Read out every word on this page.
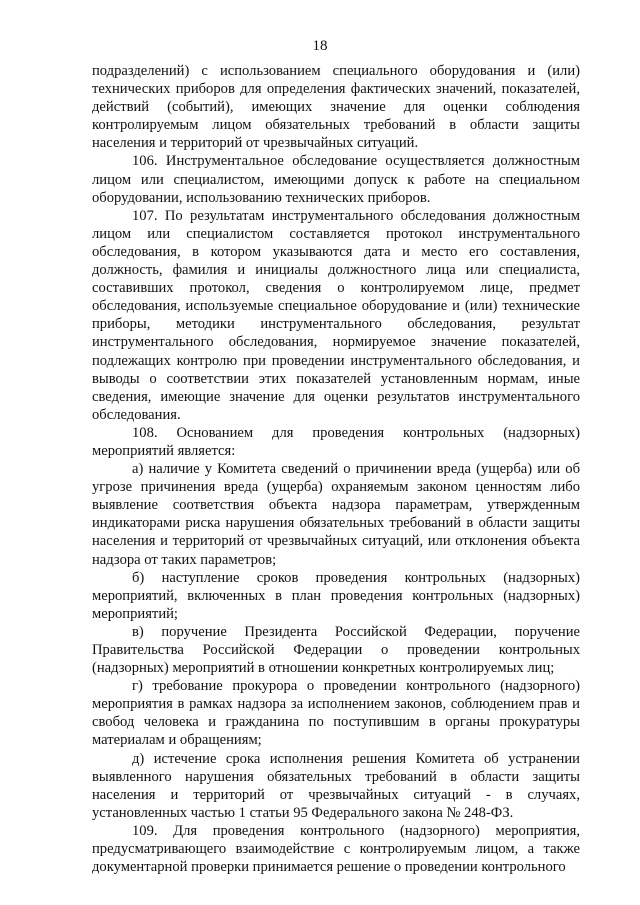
18

подразделений) с использованием специального оборудования и (или) технических приборов для определения фактических значений, показателей, действий (событий), имеющих значение для оценки соблюдения контролируемым лицом обязательных требований в области защиты населения и территорий от чрезвычайных ситуаций.

106. Инструментальное обследование осуществляется должностным лицом или специалистом, имеющими допуск к работе на специальном оборудовании, использованию технических приборов.

107. По результатам инструментального обследования должностным лицом или специалистом составляется протокол инструментального обследования, в котором указываются дата и место его составления, должность, фамилия и инициалы должностного лица или специалиста, составивших протокол, сведения о контролируемом лице, предмет обследования, используемые специальное оборудование и (или) технические приборы, методики инструментального обследования, результат инструментального обследования, нормируемое значение показателей, подлежащих контролю при проведении инструментального обследования, и выводы о соответствии этих показателей установленным нормам, иные сведения, имеющие значение для оценки результатов инструментального обследования.

108. Основанием для проведения контрольных (надзорных) мероприятий является:

а) наличие у Комитета сведений о причинении вреда (ущерба) или об угрозе причинения вреда (ущерба) охраняемым законом ценностям либо выявление соответствия объекта надзора параметрам, утвержденным индикаторами риска нарушения обязательных требований в области защиты населения и территорий от чрезвычайных ситуаций, или отклонения объекта надзора от таких параметров;

б) наступление сроков проведения контрольных (надзорных) мероприятий, включенных в план проведения контрольных (надзорных) мероприятий;

в) поручение Президента Российской Федерации, поручение Правительства Российской Федерации о проведении контрольных (надзорных) мероприятий в отношении конкретных контролируемых лиц;

г) требование прокурора о проведении контрольного (надзорного) мероприятия в рамках надзора за исполнением законов, соблюдением прав и свобод человека и гражданина по поступившим в органы прокуратуры материалам и обращениям;

д) истечение срока исполнения решения Комитета об устранении выявленного нарушения обязательных требований в области защиты населения и территорий от чрезвычайных ситуаций - в случаях, установленных частью 1 статьи 95 Федерального закона № 248-ФЗ.

109. Для проведения контрольного (надзорного) мероприятия, предусматривающего взаимодействие с контролируемым лицом, а также документарной проверки принимается решение о проведении контрольного
